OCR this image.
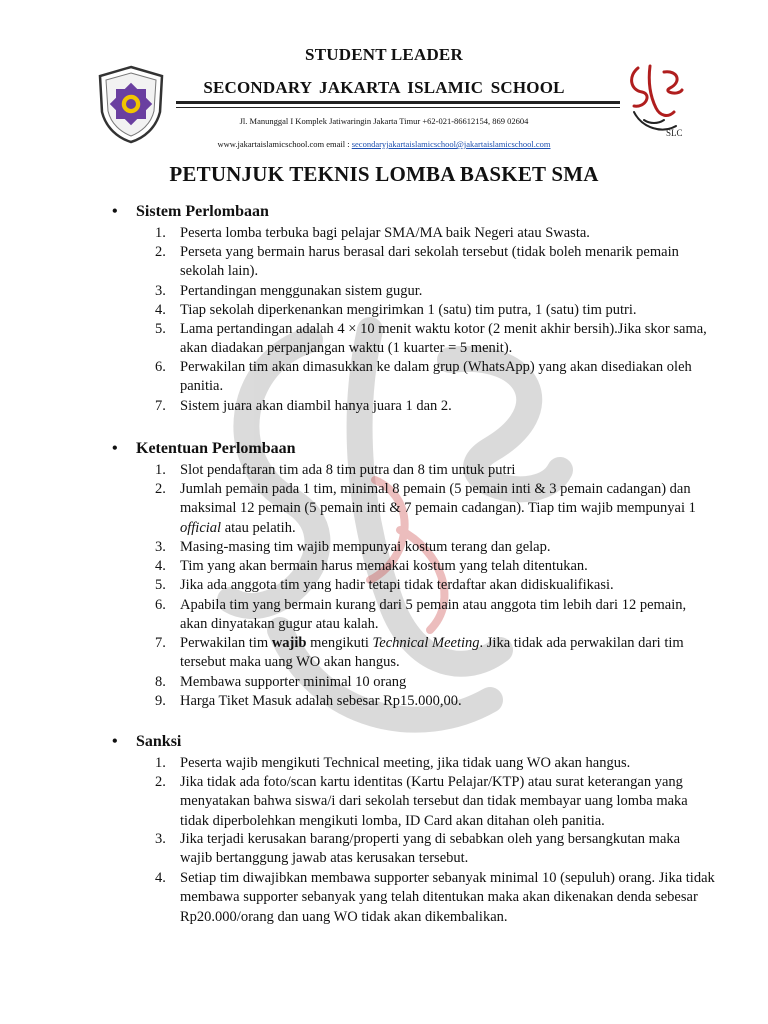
SLC
STUDENT LEADER
SECONDARY JAKARTA ISLAMIC SCHOOL
Jl. Manunggal I Komplek Jatiwaringin Jakarta Timur +62-021-86612154, 869 02604
www.jakartaislamicschool.com email : secondaryjakartaislamicschool@jakartaislamicschool.com
PETUNJUK TEKNIS LOMBA BASKET SMA
• Sistem Perlombaan
1. Peserta lomba terbuka bagi pelajar SMA/MA baik Negeri atau Swasta.
2. Perseta yang bermain harus berasal dari sekolah tersebut (tidak boleh menarik pemain sekolah lain).
3. Pertandingan menggunakan sistem gugur.
4. Tiap sekolah diperkenankan mengirimkan 1 (satu) tim putra, 1 (satu) tim putri.
5. Lama pertandingan adalah 4 × 10 menit waktu kotor (2 menit akhir bersih).Jika skor sama, akan diadakan perpanjangan waktu (1 kuarter = 5 menit).
6. Perwakilan tim akan dimasukkan ke dalam grup (WhatsApp) yang akan disediakan oleh panitia.
7. Sistem juara akan diambil hanya juara 1 dan 2.
• Ketentuan Perlombaan
1. Slot pendaftaran tim ada 8 tim putra dan 8 tim untuk putri
2. Jumlah pemain pada 1 tim, minimal 8 pemain (5 pemain inti & 3 pemain cadangan) dan maksimal 12 pemain (5 pemain inti & 7 pemain cadangan). Tiap tim wajib mempunyai 1 official atau pelatih.
3. Masing-masing tim wajib mempunyai kostum terang dan gelap.
4. Tim yang akan bermain harus memakai kostum yang telah ditentukan.
5. Jika ada anggota tim yang hadir tetapi tidak terdaftar akan didiskualifikasi.
6. Apabila tim yang bermain kurang dari 5 pemain atau anggota tim lebih dari 12 pemain, akan dinyatakan gugur atau kalah.
7. Perwakilan tim wajib mengikuti Technical Meeting. Jika tidak ada perwakilan dari tim tersebut maka uang WO akan hangus.
8. Membawa supporter minimal 10 orang
9. Harga Tiket Masuk adalah sebesar Rp15.000,00.
• Sanksi
1. Peserta wajib mengikuti Technical meeting, jika tidak uang WO akan hangus.
2. Jika tidak ada foto/scan kartu identitas (Kartu Pelajar/KTP) atau surat keterangan yang menyatakan bahwa siswa/i dari sekolah tersebut dan tidak membayar uang lomba maka tidak diperbolehkan mengikuti lomba, ID Card akan ditahan oleh panitia.
3. Jika terjadi kerusakan barang/properti yang di sebabkan oleh yang bersangkutan maka wajib bertanggung jawab atas kerusakan tersebut.
4. Setiap tim diwajibkan membawa supporter sebanyak minimal 10 (sepuluh) orang. Jika tidak membawa supporter sebanyak yang telah ditentukan maka akan dikenakan denda sebesar Rp20.000/orang dan uang WO tidak akan dikembalikan.
